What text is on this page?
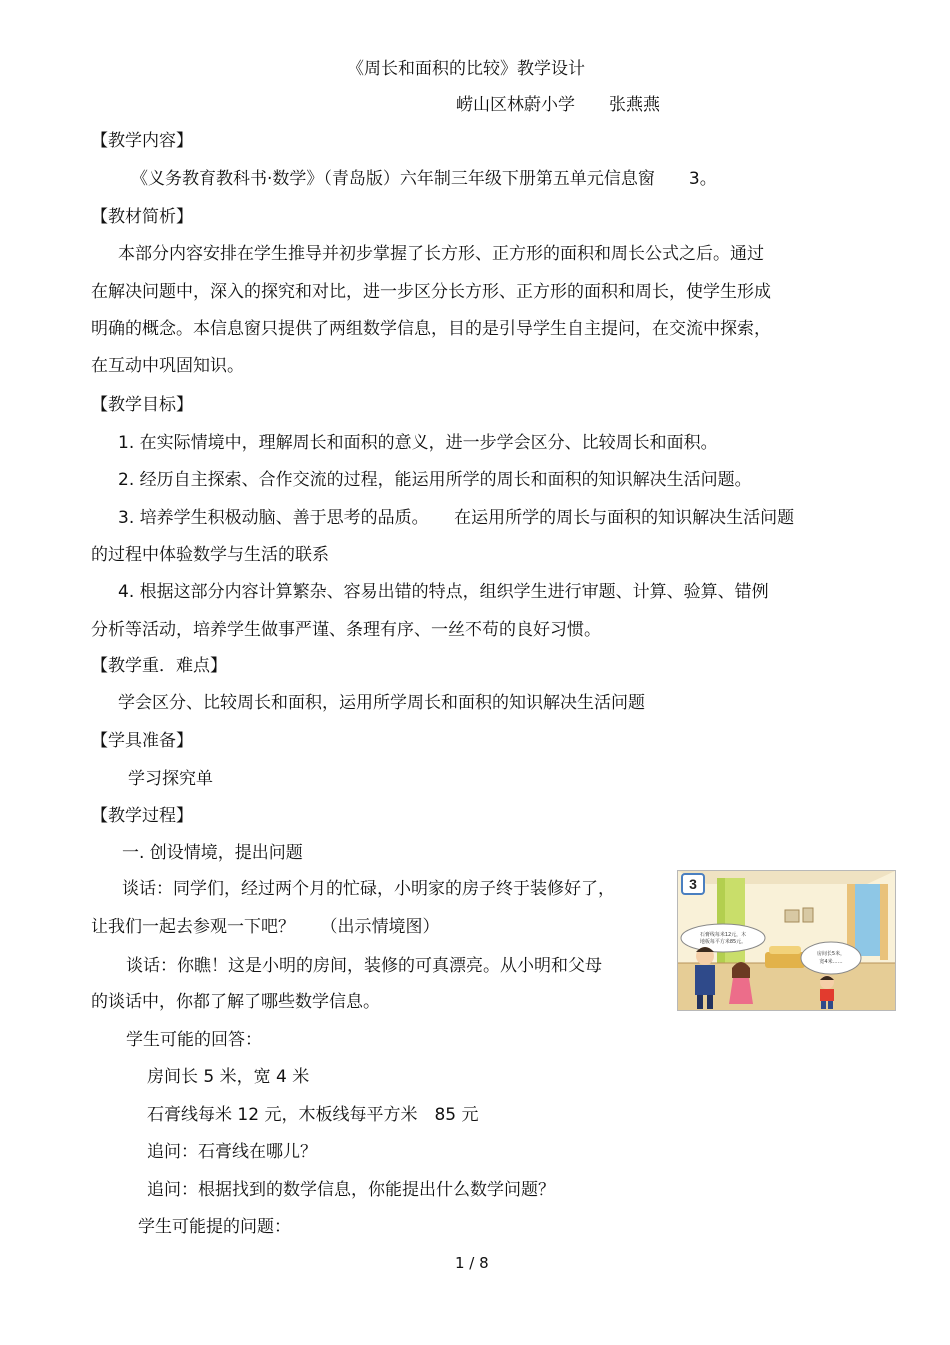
《周长和面积的比较》教学设计
崂山区林蔚小学　　张燕燕
【教学内容】
《义务教育教科书·数学》（青岛版）六年制三年级下册第五单元信息窗　　3。
【教材简析】
本部分内容安排在学生推导并初步掌握了长方形、正方形的面积和周长公式之后。通过
在解决问题中，深入的探究和对比，进一步区分长方形、正方形的面积和周长，使学生形成
明确的概念。本信息窗只提供了两组数学信息，目的是引导学生自主提问，在交流中探索，
在互动中巩固知识。
【教学目标】
1. 在实际情境中，理解周长和面积的意义，进一步学会区分、比较周长和面积。
2. 经历自主探索、合作交流的过程，能运用所学的周长和面积的知识解决生活问题。
3. 培养学生积极动脑、善于思考的品质。　　在运用所学的周长与面积的知识解决生活问题
的过程中体验数学与生活的联系
4. 根据这部分内容计算繁杂、容易出错的特点，组织学生进行审题、计算、验算、错例
分析等活动，培养学生做事严谨、条理有序、一丝不苟的良好习惯。
【教学重．难点】
学会区分、比较周长和面积，运用所学周长和面积的知识解决生活问题
【学具准备】
学习探究单
【教学过程】
一. 创设情境，提出问题
谈话：同学们，经过两个月的忙碌，小明家的房子终于装修好了，
让我们一起去参观一下吧？　　（出示情境图）
谈话：你瞧！这是小明的房间，装修的可真漂亮。从小明和父母
的谈话中，你都了解了哪些数学信息。
学生可能的回答：
房间长 5 米，宽 4 米
石膏线每米 12 元，木板线每平方米　85 元
追问：石膏线在哪儿？
追问：根据找到的数学信息，你能提出什么数学问题？
学生可能提的问题：
1 / 8
石膏线每米12元，木
地板每平方米85元。
房间长5米，
宽4米……
3
